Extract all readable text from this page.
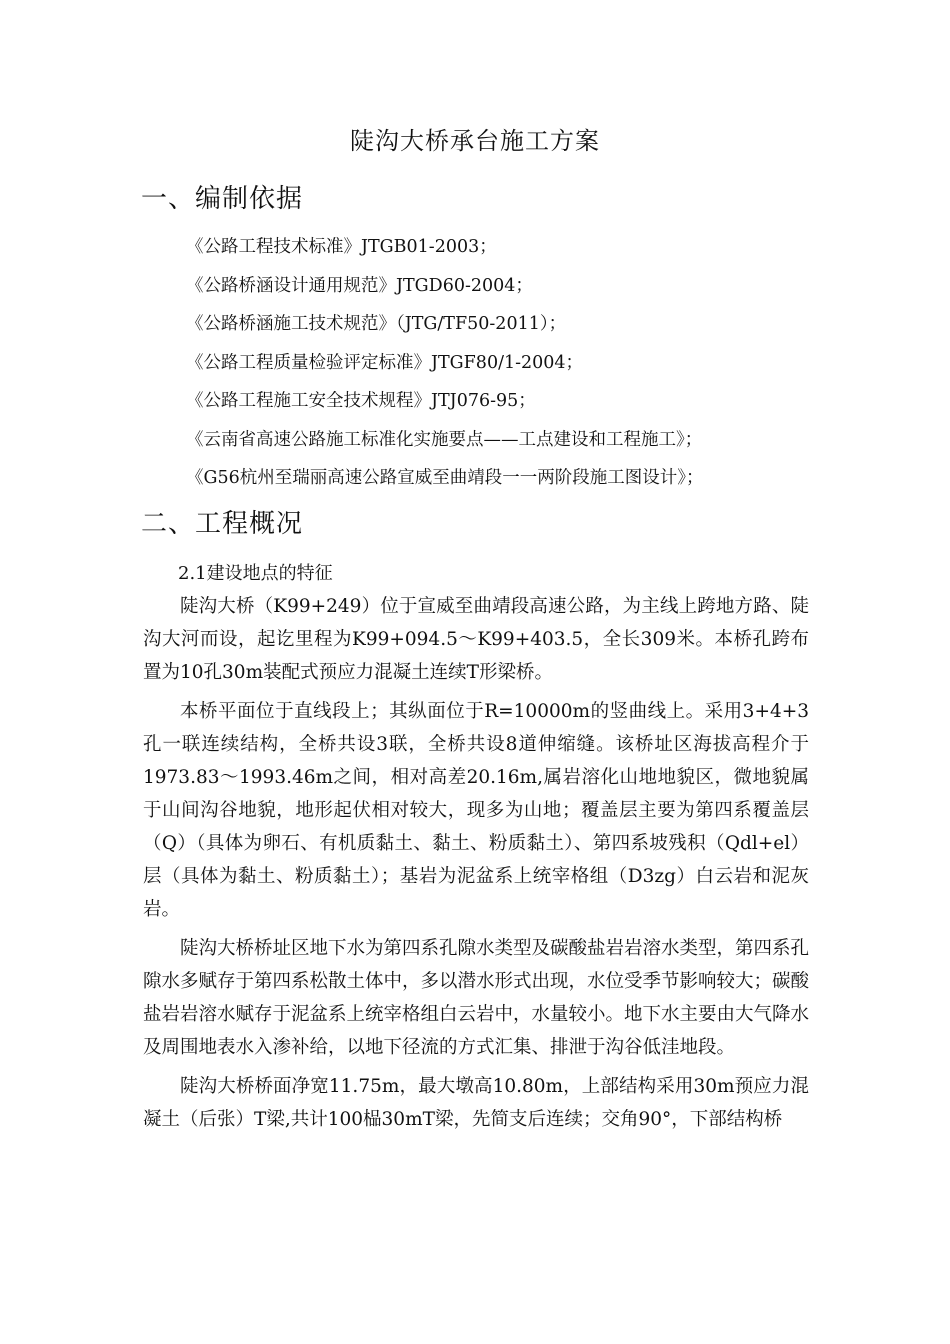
陡沟大桥承台施工方案
一、编制依据
《公路工程技术标准》JTGB01-2003；
《公路桥涵设计通用规范》JTGD60-2004；
《公路桥涵施工技术规范》（JTG/TF50-2011）；
《公路工程质量检验评定标准》JTGF80/1-2004；
《公路工程施工安全技术规程》JTJ076-95；
《云南省高速公路施工标准化实施要点——工点建设和工程施工》；
《G56杭州至瑞丽高速公路宣威至曲靖段一一两阶段施工图设计》；
二、工程概况
2.1建设地点的特征

陡沟大桥（K99+249）位于宣威至曲靖段高速公路，为主线上跨地方路、陡沟大河而设，起讫里程为K99+094.5～K99+403.5，全长309米。本桥孔跨布置为10孔30m装配式预应力混凝土连续T形梁桥。

本桥平面位于直线段上；其纵面位于R=10000m的竖曲线上。采用3+4+3孔一联连续结构，全桥共设3联，全桥共设8道伸缩缝。该桥址区海拔高程介于1973.83～1993.46m之间，相对高差20.16m,属岩溶化山地地貌区，微地貌属于山间沟谷地貌，地形起伏相对较大，现多为山地；覆盖层主要为第四系覆盖层（Q）（具体为卵石、有机质黏土、黏土、粉质黏土）、第四系坡残积（Qdl+el）层（具体为黏土、粉质黏土）；基岩为泥盆系上统宰格组（D3zg）白云岩和泥灰岩。

陡沟大桥桥址区地下水为第四系孔隙水类型及碳酸盐岩岩溶水类型，第四系孔隙水多赋存于第四系松散土体中，多以潜水形式出现，水位受季节影响较大；碳酸盐岩岩溶水赋存于泥盆系上统宰格组白云岩中，水量较小。地下水主要由大气降水及周围地表水入渗补给，以地下径流的方式汇集、排泄于沟谷低洼地段。

陡沟大桥桥面净宽11.75m，最大墩高10.80m，上部结构采用30m预应力混凝土（后张）T梁,共计100榀30mT梁，先简支后连续；交角90°，下部结构桥
